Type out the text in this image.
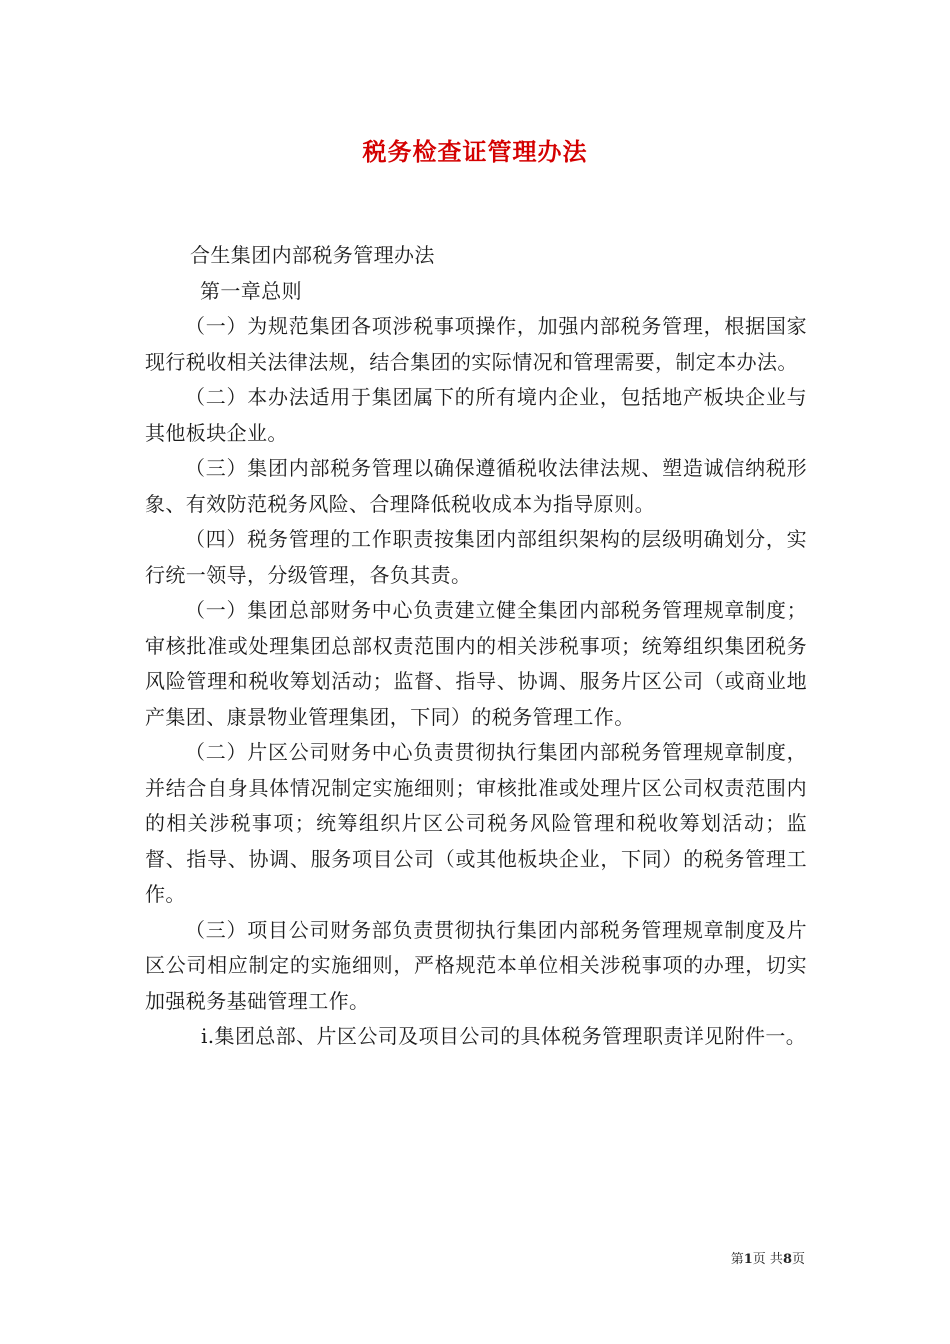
税务检查证管理办法

合生集团内部税务管理办法

第一章总则

（一）为规范集团各项涉税事项操作，加强内部税务管理，根据国家现行税收相关法律法规，结合集团的实际情况和管理需要，制定本办法。

（二）本办法适用于集团属下的所有境内企业，包括地产板块企业与其他板块企业。

（三）集团内部税务管理以确保遵循税收法律法规、塑造诚信纳税形象、有效防范税务风险、合理降低税收成本为指导原则。

（四）税务管理的工作职责按集团内部组织架构的层级明确划分，实行统一领导，分级管理，各负其责。

（一）集团总部财务中心负责建立健全集团内部税务管理规章制度；审核批准或处理集团总部权责范围内的相关涉税事项；统筹组织集团税务风险管理和税收筹划活动；监督、指导、协调、服务片区公司（或商业地产集团、康景物业管理集团，下同）的税务管理工作。

（二）片区公司财务中心负责贯彻执行集团内部税务管理规章制度，并结合自身具体情况制定实施细则；审核批准或处理片区公司权责范围内的相关涉税事项；统筹组织片区公司税务风险管理和税收筹划活动；监督、指导、协调、服务项目公司（或其他板块企业，下同）的税务管理工作。

（三）项目公司财务部负责贯彻执行集团内部税务管理规章制度及片区公司相应制定的实施细则，严格规范本单位相关涉税事项的办理，切实加强税务基础管理工作。

i.集团总部、片区公司及项目公司的具体税务管理职责详见附件一。

第1页 共8页
